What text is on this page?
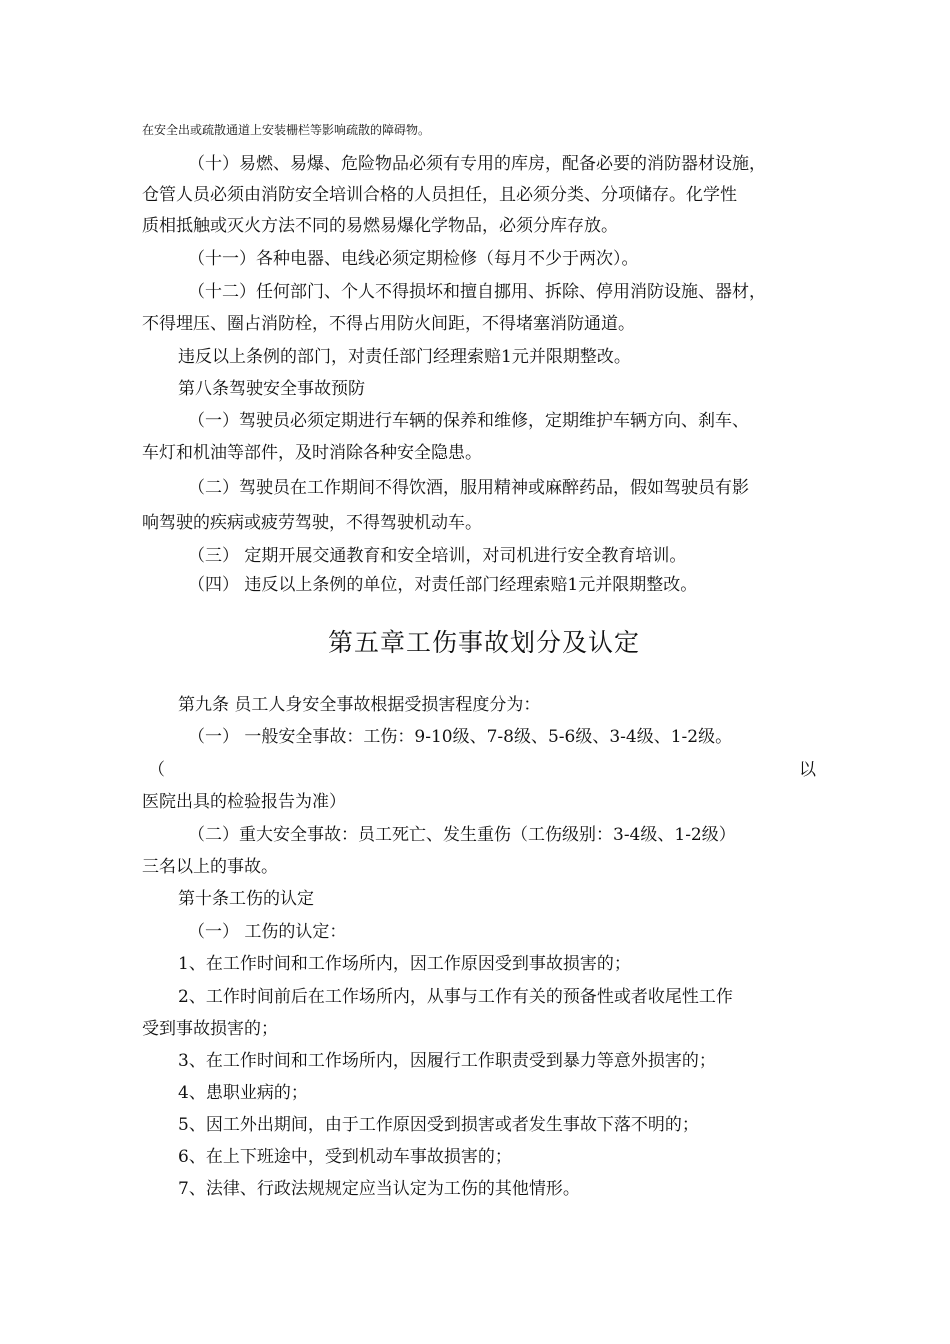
在安全出或疏散通道上安装栅栏等影响疏散的障碍物。
（十）易燃、易爆、危险物品必须有专用的库房，配备必要的消防器材设施，
仓管人员必须由消防安全培训合格的人员担任，且必须分类、分项储存。化学性
质相抵触或灭火方法不同的易燃易爆化学物品，必须分库存放。
（十一）各种电器、电线必须定期检修（每月不少于两次）。
（十二）任何部门、个人不得损坏和擅自挪用、拆除、停用消防设施、器材，
不得埋压、圈占消防栓，不得占用防火间距，不得堵塞消防通道。
违反以上条例的部门，对责任部门经理索赔1元并限期整改。
第八条驾驶安全事故预防
（一）驾驶员必须定期进行车辆的保养和维修，定期维护车辆方向、刹车、
车灯和机油等部件，及时消除各种安全隐患。
（二）驾驶员在工作期间不得饮酒，服用精神或麻醉药品，假如驾驶员有影
响驾驶的疾病或疲劳驾驶，不得驾驶机动车。
（三） 定期开展交通教育和安全培训，对司机进行安全教育培训。
（四） 违反以上条例的单位，对责任部门经理索赔1元并限期整改。
第五章工伤事故划分及认定
第九条 员工人身安全事故根据受损害程度分为：
（一） 一般安全事故：工伤：9-10级、7-8级、5-6级、3-4级、1-2级。
（	以
医院出具的检验报告为准）
（二）重大安全事故：员工死亡、发生重伤（工伤级别：3-4级、1-2级）
三名以上的事故。
第十条工伤的认定
（一） 工伤的认定：
1、在工作时间和工作场所内，因工作原因受到事故损害的；
2、工作时间前后在工作场所内，从事与工作有关的预备性或者收尾性工作
受到事故损害的；
3、在工作时间和工作场所内，因履行工作职责受到暴力等意外损害的；
4、患职业病的；
5、因工外出期间，由于工作原因受到损害或者发生事故下落不明的；
6、在上下班途中，受到机动车事故损害的；
7、法律、行政法规规定应当认定为工伤的其他情形。
